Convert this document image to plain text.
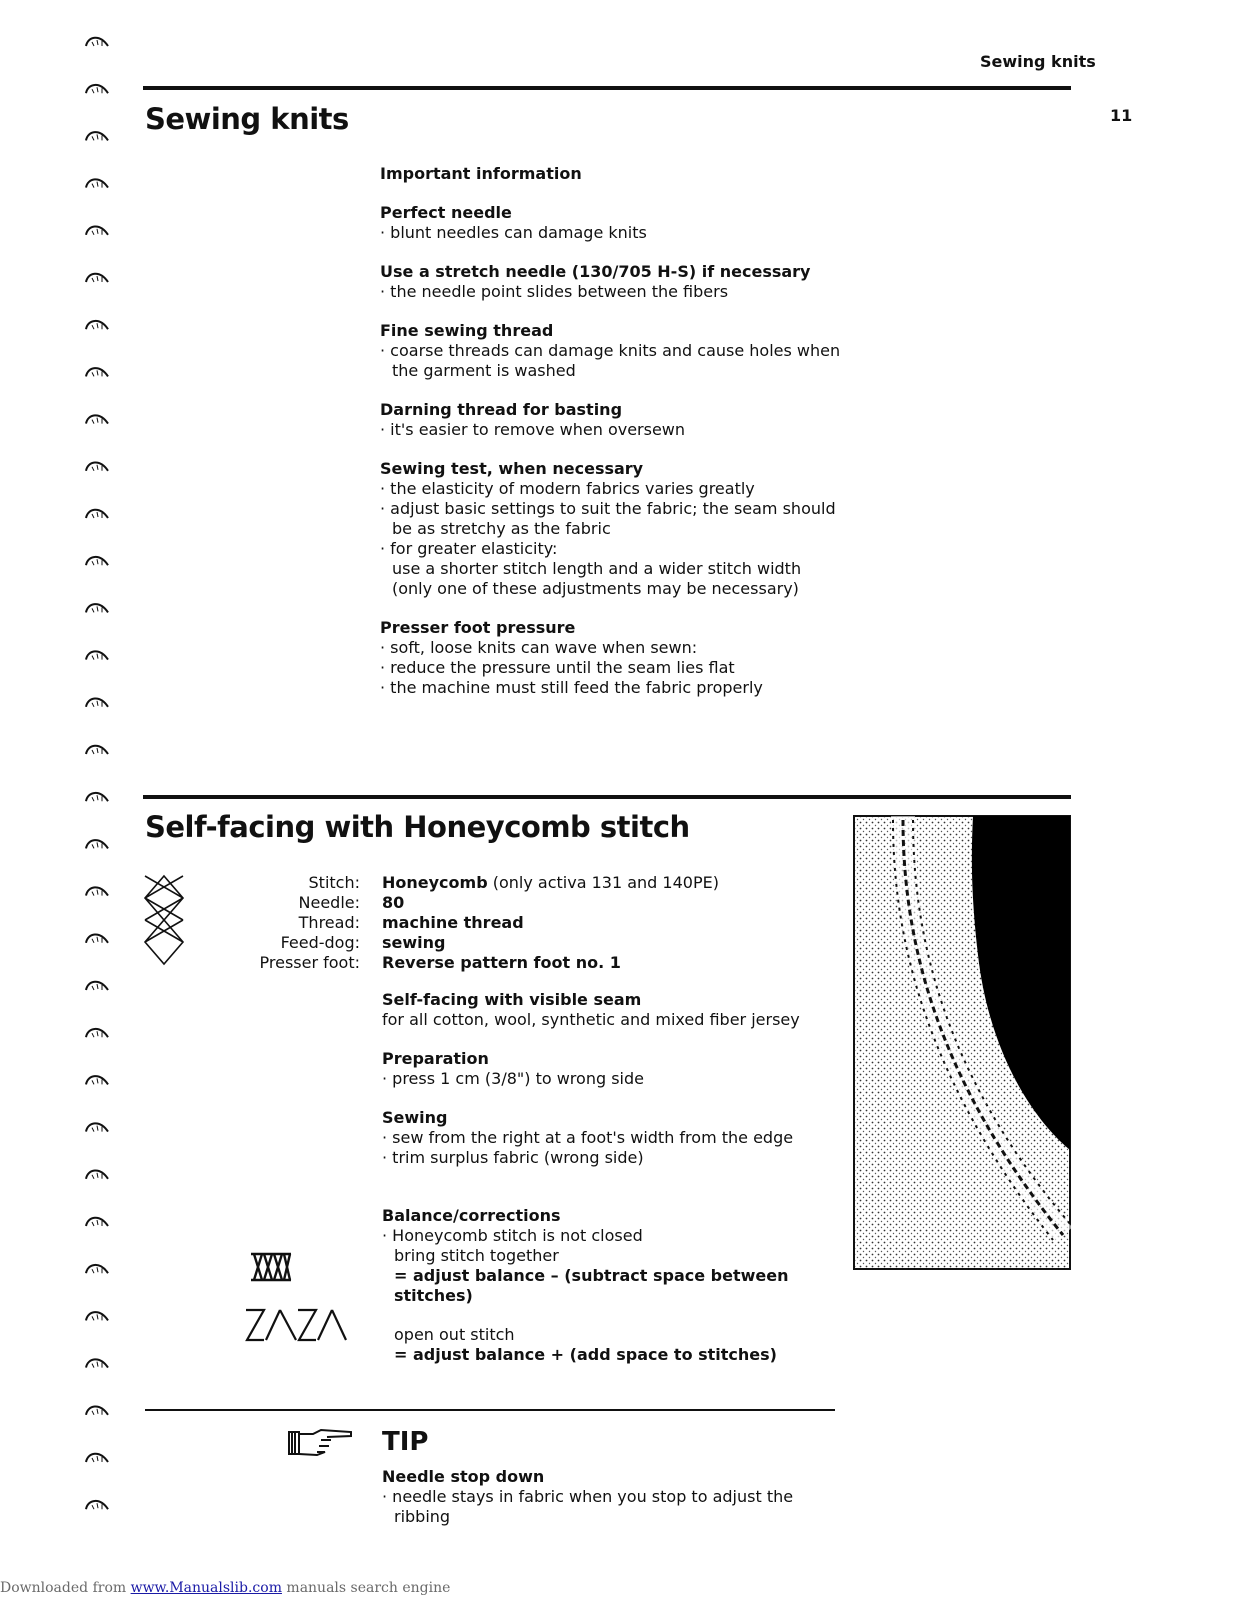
Sewing knits
11
Sewing knits
Important information
Perfect needle
· blunt needles can damage knits
Use a stretch needle (130/705 H-S) if necessary
· the needle point slides between the fibers
Fine sewing thread
· coarse threads can damage knits and cause holes when
the garment is washed
Darning thread for basting
· it's easier to remove when oversewn
Sewing test, when necessary
· the elasticity of modern fabrics varies greatly
· adjust basic settings to suit the fabric; the seam should
be as stretchy as the fabric
· for greater elasticity:
use a shorter stitch length and a wider stitch width
(only one of these adjustments may be necessary)
Presser foot pressure
· soft, loose knits can wave when sewn:
· reduce the pressure until the seam lies flat
· the machine must still feed the fabric properly
Self-facing with Honeycomb stitch
Stitch:
Needle:
Thread:
Feed-dog:
Presser foot:
Honeycomb (only activa 131 and 140PE)
80
machine thread
sewing
Reverse pattern foot no. 1
Self-facing with visible seam
for all cotton, wool, synthetic and mixed fiber jersey
Preparation
· press 1 cm (3/8") to wrong side
Sewing
· sew from the right at a foot's width from the edge
· trim surplus fabric (wrong side)
Balance/corrections
· Honeycomb stitch is not closed
bring stitch together
= adjust balance – (subtract space between stitches)
open out stitch
= adjust balance + (add space to stitches)
TIP
Needle stop down
· needle stays in fabric when you stop to adjust the
ribbing
Downloaded from www.Manualslib.com manuals search engine
